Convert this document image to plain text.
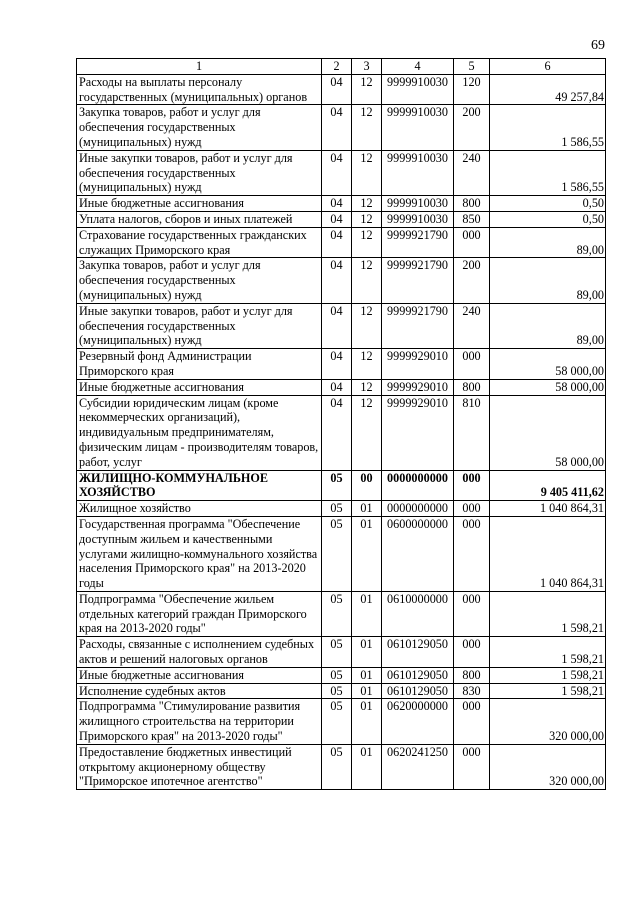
69
1	2	3	4	5	6
Расходы на выплаты персоналу государственных (муниципальных) органов	04	12	9999910030	120	49 257,84
Закупка товаров, работ и услуг для обеспечения государственных (муниципальных) нужд	04	12	9999910030	200	1 586,55
Иные закупки товаров, работ и услуг для обеспечения государственных (муниципальных) нужд	04	12	9999910030	240	1 586,55
Иные бюджетные ассигнования	04	12	9999910030	800	0,50
Уплата налогов, сборов и иных платежей	04	12	9999910030	850	0,50
Страхование государственных гражданских служащих Приморского края	04	12	9999921790	000	89,00
Закупка товаров, работ и услуг для обеспечения государственных (муниципальных) нужд	04	12	9999921790	200	89,00
Иные закупки товаров, работ и услуг для обеспечения государственных (муниципальных) нужд	04	12	9999921790	240	89,00
Резервный фонд Администрации Приморского края	04	12	9999929010	000	58 000,00
Иные бюджетные ассигнования	04	12	9999929010	800	58 000,00
Субсидии юридическим лицам (кроме некоммерческих организаций), индивидуальным предпринимателям, физическим лицам - производителям товаров, работ, услуг	04	12	9999929010	810	58 000,00
ЖИЛИЩНО-КОММУНАЛЬНОЕ ХОЗЯЙСТВО	05	00	0000000000	000	9 405 411,62
Жилищное хозяйство	05	01	0000000000	000	1 040 864,31
Государственная программа "Обеспечение доступным жильем и качественными услугами жилищно-коммунального хозяйства населения Приморского края" на 2013-2020 годы	05	01	0600000000	000	1 040 864,31
Подпрограмма "Обеспечение жильем отдельных категорий граждан Приморского края на 2013-2020 годы"	05	01	0610000000	000	1 598,21
Расходы, связанные с исполнением судебных актов и решений налоговых органов	05	01	0610129050	000	1 598,21
Иные бюджетные ассигнования	05	01	0610129050	800	1 598,21
Исполнение судебных актов	05	01	0610129050	830	1 598,21
Подпрограмма "Стимулирование развития жилищного строительства на территории Приморского края" на 2013-2020 годы"	05	01	0620000000	000	320 000,00
Предоставление бюджетных инвестиций открытому акционерному обществу "Приморское ипотечное агентство"	05	01	0620241250	000	320 000,00
